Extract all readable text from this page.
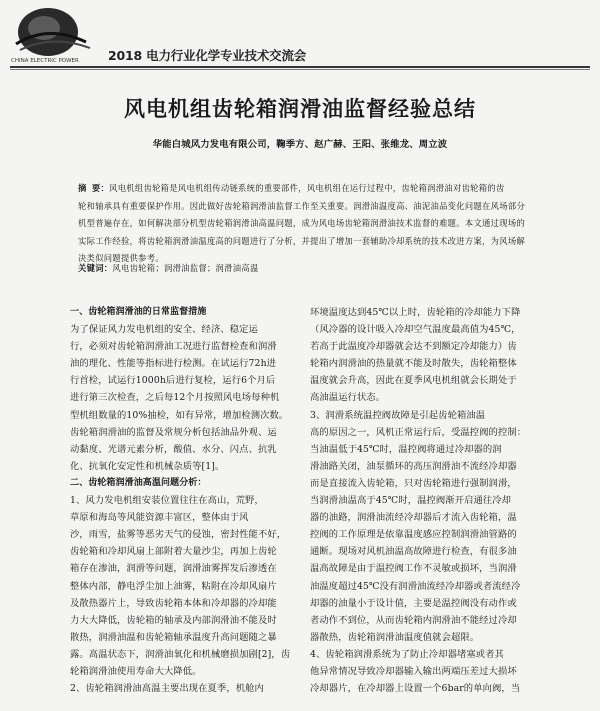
CHINA ELECTRIC POWER 2018 电力行业化学专业技术交流会
风电机组齿轮箱润滑油监督经验总结
华能白城风力发电有限公司，鞠季方、赵广赫、王阳、张维龙、周立波
摘 要：风电机组齿轮箱是风电机组传动链系统的重要部件，风电机组在运行过程中，齿轮箱润滑油对齿轮箱的齿
轮和轴承具有重要保护作用。因此做好齿轮箱润滑油监督工作至关重要。润滑油温度高、油泥油品变化问题在风场部分
机型普遍存在，如何解决部分机型齿轮箱润滑油高温问题，成为风电场齿轮箱润滑油技术监督的难题。本文通过现场的
实际工作经验，将齿轮箱润滑油温度高的问题进行了分析，并提出了增加一套辅助冷却系统的技术改进方案，为风场解
决类似问题提供参考。
关键词：风电齿轮箱；润滑油监督；润滑油高温
一、齿轮箱润滑油的日常监督措施
为了保证风力发电机组的安全、经济、稳定运
行，必须对齿轮箱润滑油工况进行监督检查和润滑
油的理化、性能等指标进行检测。在试运行72h进
行首检，试运行1000h后进行复检，运行6个月后
进行第三次检查，之后每12个月按照风电场每种机
型机组数量的10%抽检，如有异常，增加检测次数。
齿轮箱润滑油的监督及常规分析包括油品外观、运
动黏度、光谱元素分析，酸值、水分、闪点、抗乳
化、抗氧化安定性和机械杂质等[1]。
二、齿轮箱润滑油高温问题分析：
1、风力发电机组安装位置往往在高山，荒野，
草原和海岛等风能资源丰富区，整体由于风
沙，雨雪，盐雾等恶劣天气的侵蚀，密封性能不好，
齿轮箱和冷却风扇上部附着大量沙尘，再加上齿轮
箱存在渗油，润滑等问题，润滑油雾挥发后渗透在
整体内部，静电浮尘加上油雾，粘附在冷却风扇片
及散热器片上，导致齿轮箱本体和冷却器的冷却能
力大大降低，齿轮箱的轴承及内部润滑油不能及时
散热，润滑油温和齿轮箱轴承温度升高问题随之暴
露。高温状态下，润滑油氧化和机械磨损加剧[2]，齿
轮箱润滑油使用寿命大大降低。
2、齿轮箱润滑油高温主要出现在夏季，机舱内
环境温度达到45℃以上时，齿轮箱的冷却能力下降
（风冷器的设计吸入冷却空气温度最高值为45℃，
若高于此温度冷却器就会达不到额定冷却能力）齿
轮箱内润滑油的热量就不能及时散失，齿轮箱整体
温度就会升高，因此在夏季风电机组就会长期处于
高油温运行状态。
3、润滑系统温控阀故障是引起齿轮箱油温
高的原因之一，风机正常运行后，受温控阀的控制：
当油温低于45℃时，温控阀将通过冷却器的润
滑油路关闭，油泵循环的高压润滑油不流经冷却器
而是直接流入齿轮箱，只对齿轮箱进行强制润滑，
当润滑油温高于45℃时，温控阀渐开启通往冷却
器的油路，润滑油流经冷却器后才流入齿轮箱，温
控阀的工作原理是依靠温度感应控制润滑油管路的
通断。现场对风机油温高故障进行检查，有很多油
温高故障是由于温控阀工作不灵敏或损坏，当润滑
油温度超过45℃没有润滑油流经冷却器或者流经冷
却器的油量小于设计值，主要是温控阀没有动作或
者动作不到位，从而齿轮箱内润滑油不能经过冷却
器散热，齿轮箱润滑油温度值就会超限。
4、齿轮箱润滑系统为了防止冷却器堵塞或者其
他异常情况导致冷却器输入输出两端压差过大损坏
冷却器片，在冷却器上设置一个6bar的单向阀，当
